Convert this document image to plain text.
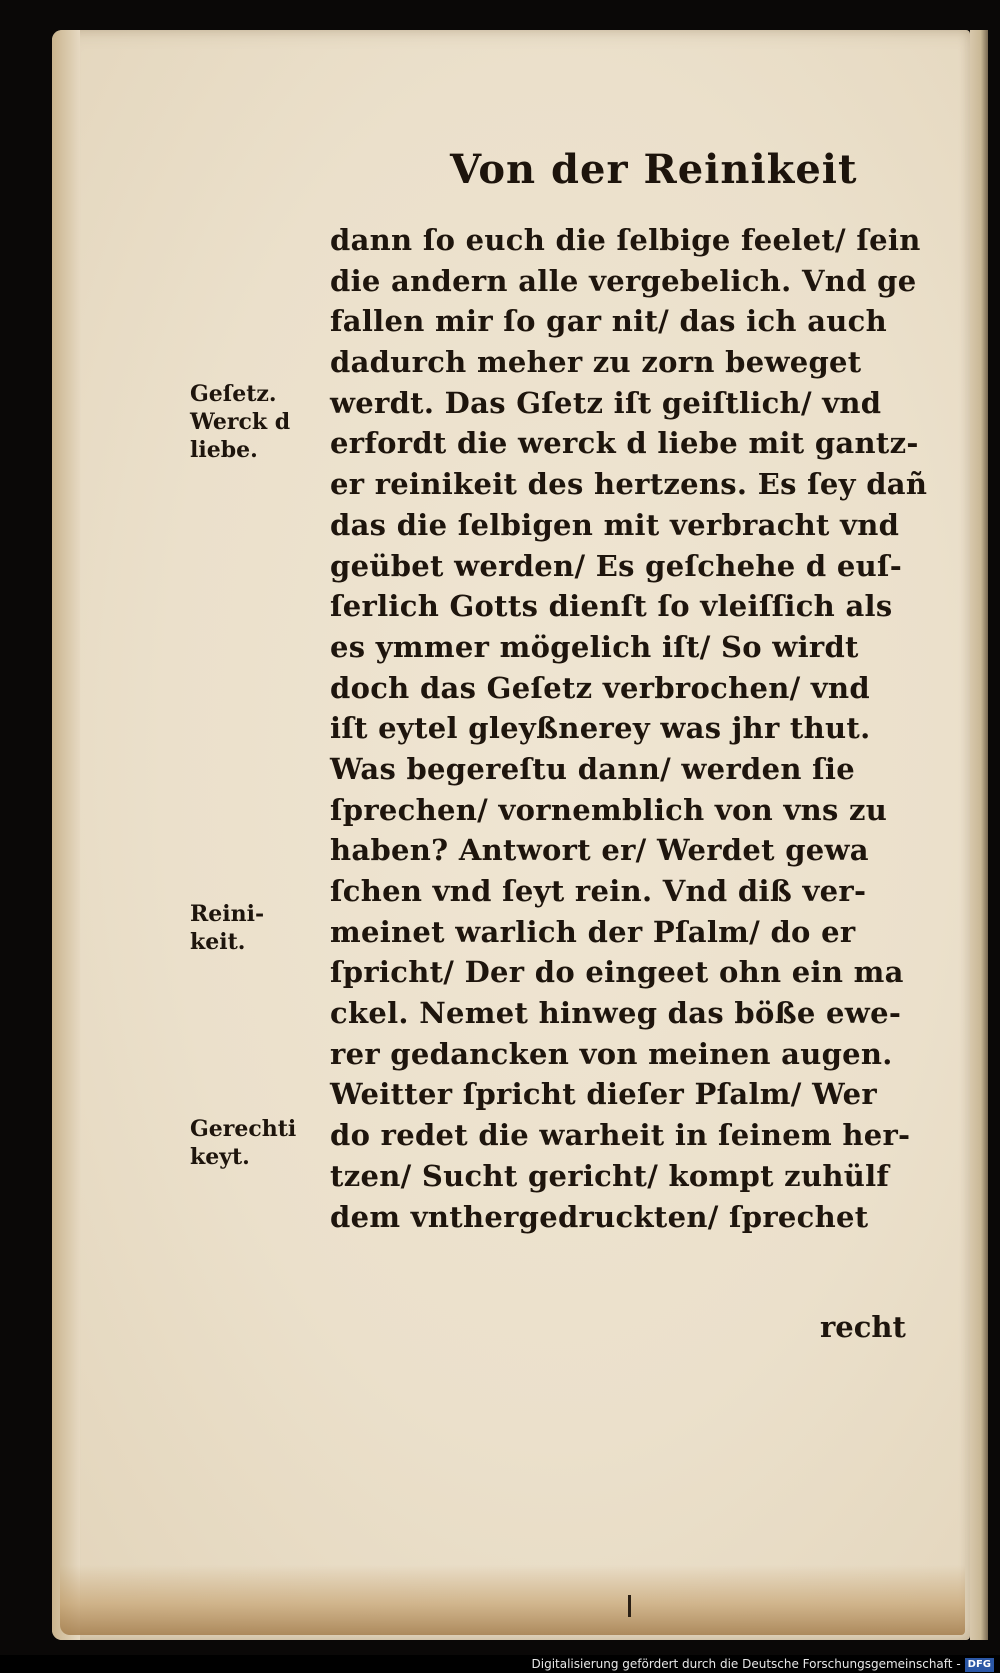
Von der Reinikeit
dann ſo euch die ſelbige feelet/ ſein
die andern alle vergebelich. Vnd ge
fallen mir ſo gar nit/ das ich auch
dadurch meher zu zorn beweget
werdt. Das Gſetz iſt geiſtlich/ vnd
erfordt die werck d liebe mit gantz-
er reinikeit des hertzens. Es ſey dañ
das die ſelbigen mit verbracht vnd
geübet werden/ Es geſchehe d euſ-
ſerlich Gotts dienſt ſo vleiſſich als
es ymmer mögelich iſt/ So wirdt
doch das Geſetz verbrochen/ vnd
iſt eytel gleyßnerey was jhr thut.
Was begereſtu dann/ werden ſie
ſprechen/ vornemblich von vns zu
haben? Antwort er/ Werdet gewa
ſchen vnd ſeyt rein. Vnd diß ver-
meinet warlich der Pſalm/ do er
ſpricht/ Der do eingeet ohn ein ma
ckel. Nemet hinweg das böße ewe-
rer gedancken von meinen augen.
Weitter ſpricht dieſer Pſalm/ Wer
do redet die warheit in ſeinem her-
tzen/ Sucht gericht/ kompt zuhülf
dem vnthergedruckten/ ſprechet
recht
Geſetz.
Werck d
liebe.
Reini-
keit.
Gerechti
keyt.
Digitalisierung gefördert durch die Deutsche Forschungsgemeinschaft - DFG
